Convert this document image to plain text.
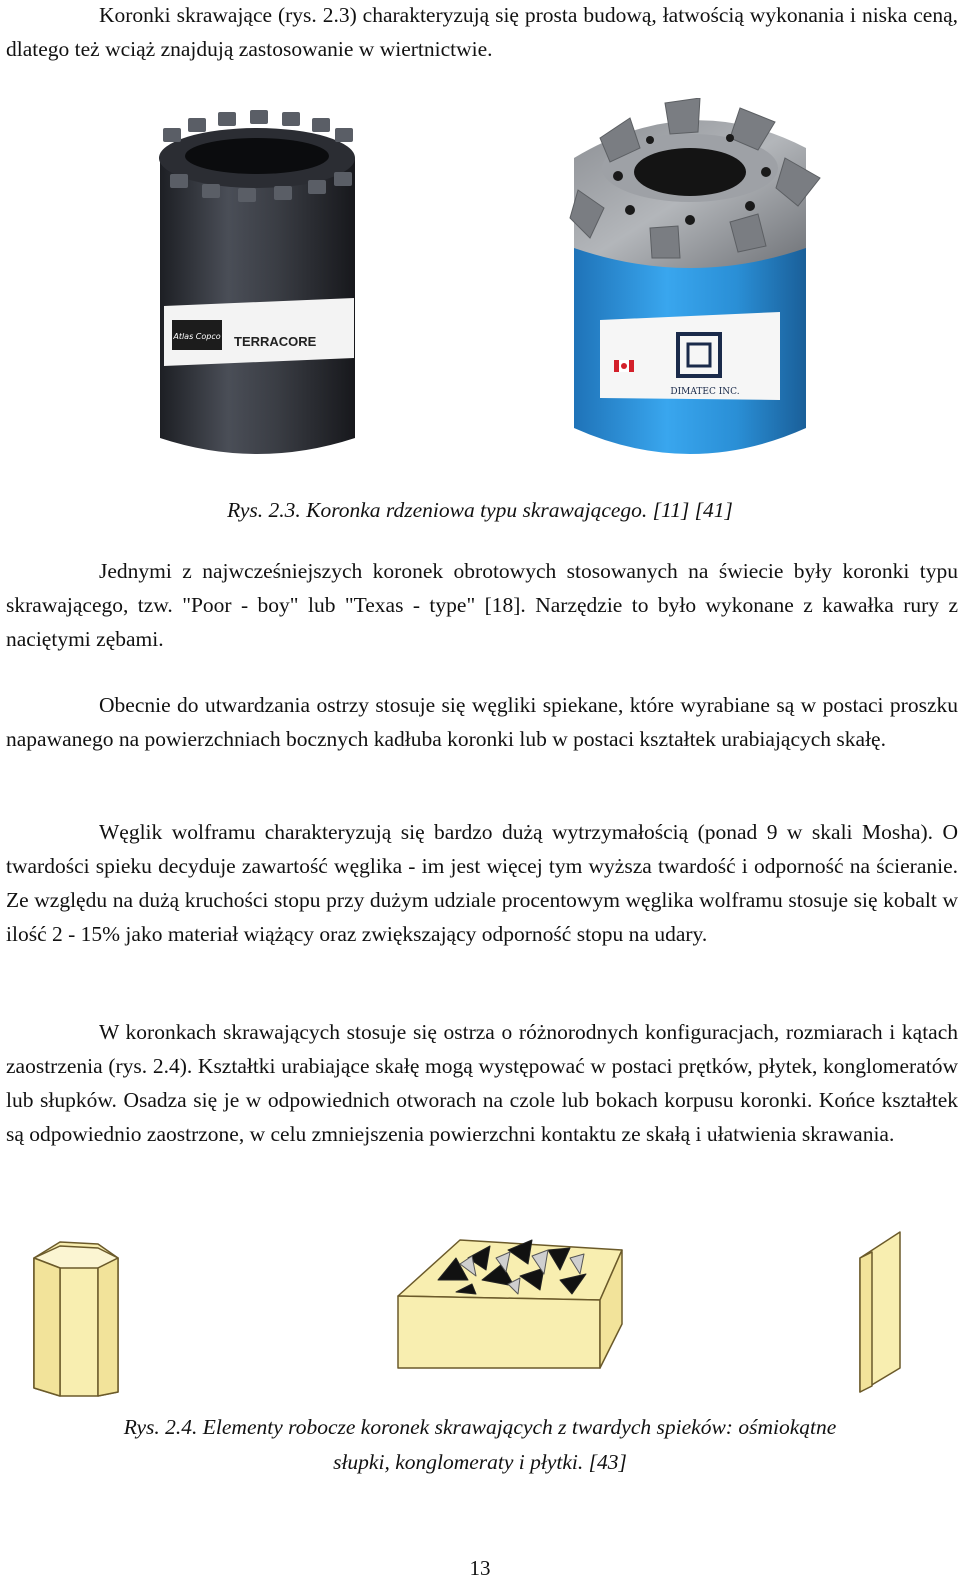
Koronki skrawające (rys. 2.3) charakteryzują się prosta budową, łatwością wykonania i niska ceną, dlatego też wciąż znajdują zastosowanie w wiertnictwie.

Atlas Copco TERRACORE
DIMATEC INC.

Rys. 2.3. Koronka rdzeniowa typu skrawającego. [11] [41]

Jednymi z najwcześniejszych koronek obrotowych stosowanych na świecie były koronki typu skrawającego, tzw. "Poor - boy" lub "Texas - type" [18]. Narzędzie to było wykonane z kawałka rury z naciętymi zębami.

Obecnie do utwardzania ostrzy stosuje się węgliki spiekane, które wyrabiane są w postaci proszku napawanego na powierzchniach bocznych kadłuba koronki lub w postaci kształtek urabiających skałę.

Węglik wolframu charakteryzują się bardzo dużą wytrzymałością (ponad 9 w skali Mosha). O twardości spieku decyduje zawartość węglika - im jest więcej tym wyższa twardość i odporność na ścieranie. Ze względu na dużą kruchości stopu przy dużym udziale procentowym węglika wolframu stosuje się kobalt w ilość 2 - 15% jako materiał wiążący oraz zwiększający odporność stopu na udary.

W koronkach skrawających stosuje się ostrza o różnorodnych konfiguracjach, rozmiarach i kątach zaostrzenia (rys. 2.4). Kształtki urabiające skałę mogą występować w postaci prętków, płytek, konglomeratów lub słupków. Osadza się je w odpowiednich otworach na czole lub bokach korpusu koronki. Końce kształtek są odpowiednio zaostrzone, w celu zmniejszenia powierzchni kontaktu ze skałą i ułatwienia skrawania.

Rys. 2.4. Elementy robocze koronek skrawających z twardych spieków: ośmiokątne

słupki, konglomeraty i płytki. [43]

13
